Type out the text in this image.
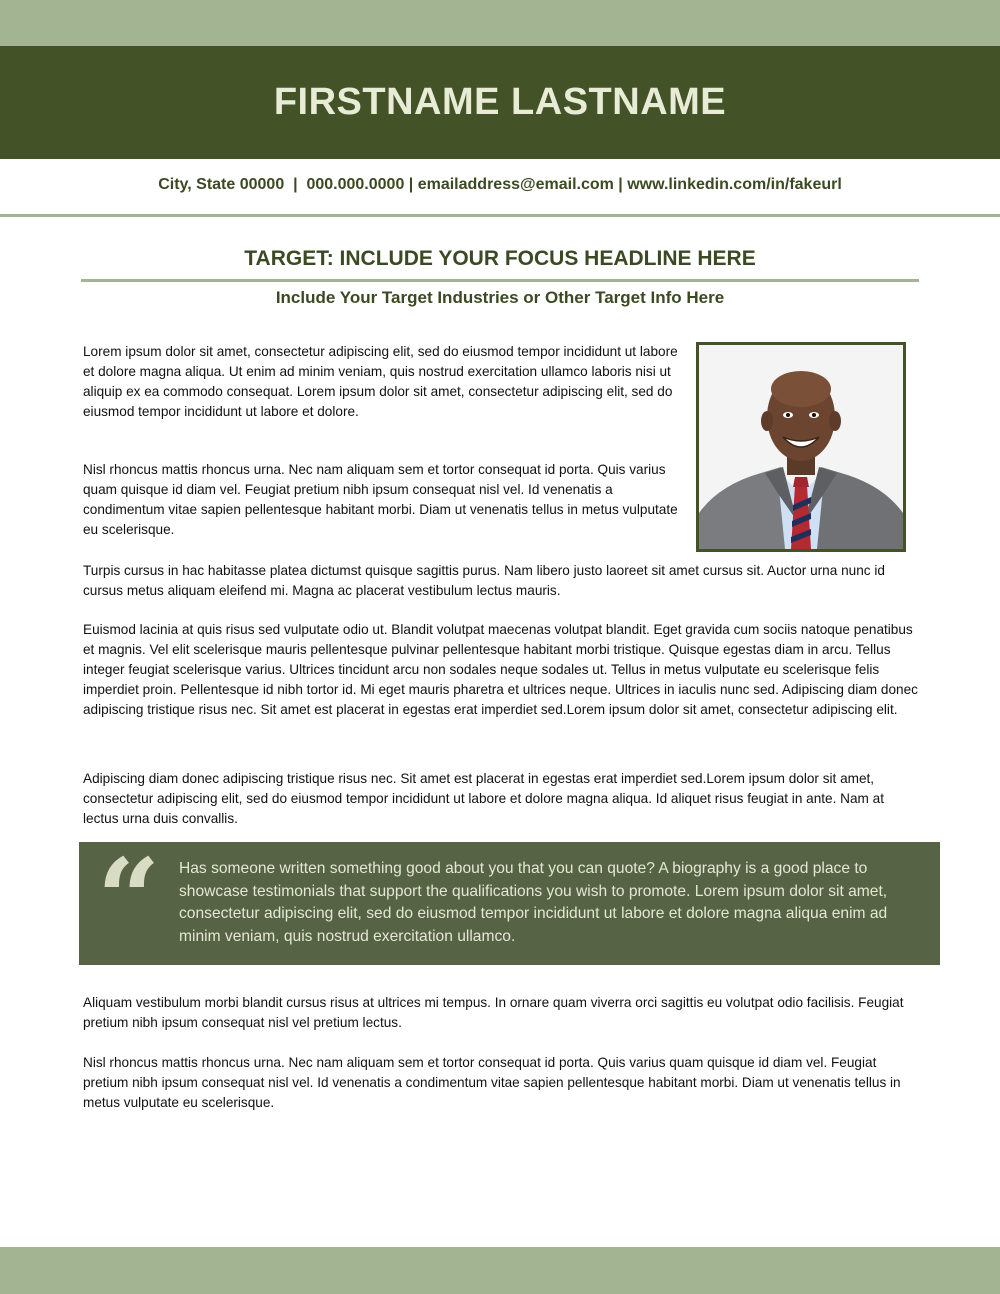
FIRSTNAME LASTNAME
City, State 00000  |  000.000.0000 | emailaddress@email.com | www.linkedin.com/in/fakeurl
TARGET: INCLUDE YOUR FOCUS HEADLINE HERE
Include Your Target Industries or Other Target Info Here

Lorem ipsum dolor sit amet, consectetur adipiscing elit, sed do eiusmod tempor incididunt ut labore et dolore magna aliqua. Ut enim ad minim veniam, quis nostrud exercitation ullamco laboris nisi ut aliquip ex ea commodo consequat. Lorem ipsum dolor sit amet, consectetur adipiscing elit, sed do eiusmod tempor incididunt ut labore et dolore.

Nisl rhoncus mattis rhoncus urna. Nec nam aliquam sem et tortor consequat id porta. Quis varius quam quisque id diam vel. Feugiat pretium nibh ipsum consequat nisl vel. Id venenatis a condimentum vitae sapien pellentesque habitant morbi. Diam ut venenatis tellus in metus vulputate eu scelerisque.

Turpis cursus in hac habitasse platea dictumst quisque sagittis purus. Nam libero justo laoreet sit amet cursus sit. Auctor urna nunc id cursus metus aliquam eleifend mi. Magna ac placerat vestibulum lectus mauris.

Euismod lacinia at quis risus sed vulputate odio ut. Blandit volutpat maecenas volutpat blandit. Eget gravida cum sociis natoque penatibus et magnis. Vel elit scelerisque mauris pellentesque pulvinar pellentesque habitant morbi tristique. Quisque egestas diam in arcu. Tellus integer feugiat scelerisque varius. Ultrices tincidunt arcu non sodales neque sodales ut. Tellus in metus vulputate eu scelerisque felis imperdiet proin. Pellentesque id nibh tortor id. Mi eget mauris pharetra et ultrices neque. Ultrices in iaculis nunc sed. Adipiscing diam donec adipiscing tristique risus nec. Sit amet est placerat in egestas erat imperdiet sed.Lorem ipsum dolor sit amet, consectetur adipiscing elit.

Adipiscing diam donec adipiscing tristique risus nec. Sit amet est placerat in egestas erat imperdiet sed.Lorem ipsum dolor sit amet, consectetur adipiscing elit, sed do eiusmod tempor incididunt ut labore et dolore magna aliqua. Id aliquet risus feugiat in ante. Nam at lectus urna duis convallis.

“ Has someone written something good about you that you can quote? A biography is a good place to showcase testimonials that support the qualifications you wish to promote. Lorem ipsum dolor sit amet, consectetur adipiscing elit, sed do eiusmod tempor incididunt ut labore et dolore magna aliqua enim ad minim veniam, quis nostrud exercitation ullamco.

Aliquam vestibulum morbi blandit cursus risus at ultrices mi tempus. In ornare quam viverra orci sagittis eu volutpat odio facilisis. Feugiat pretium nibh ipsum consequat nisl vel pretium lectus.

Nisl rhoncus mattis rhoncus urna. Nec nam aliquam sem et tortor consequat id porta. Quis varius quam quisque id diam vel. Feugiat pretium nibh ipsum consequat nisl vel. Id venenatis a condimentum vitae sapien pellentesque habitant morbi. Diam ut venenatis tellus in metus vulputate eu scelerisque.
